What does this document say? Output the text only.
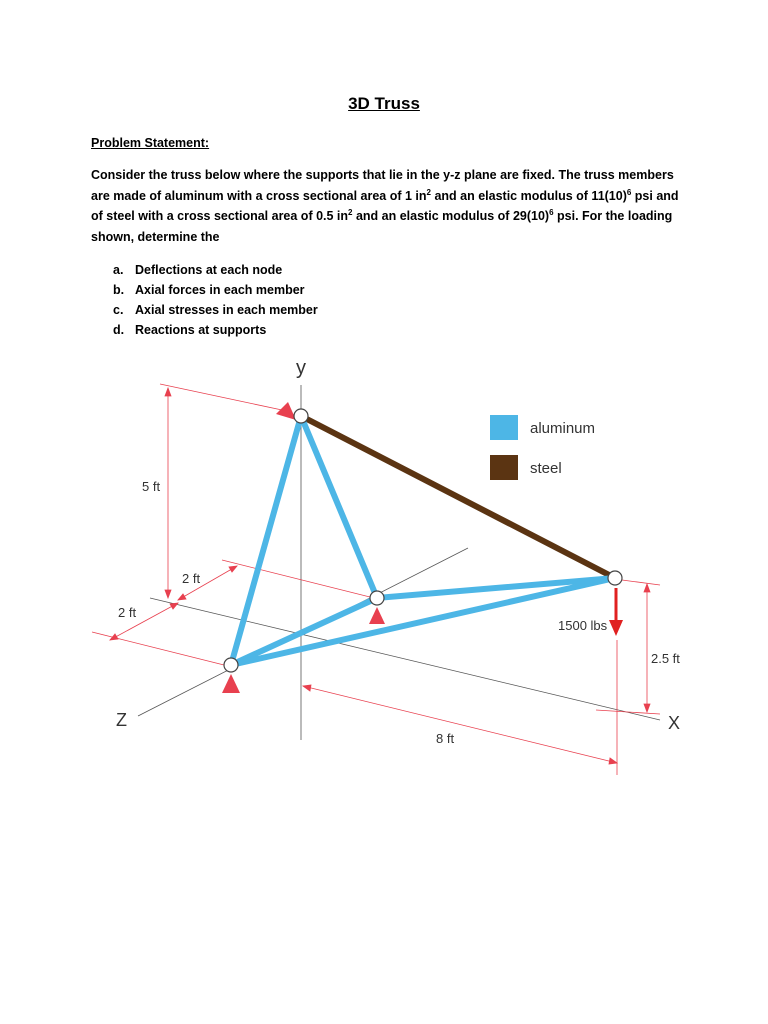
3D Truss
Problem Statement:
Consider the truss below where the supports that lie in the y-z plane are fixed. The truss members are made of aluminum with a cross sectional area of 1 $in^2$ and an elastic modulus of $11(10)^6$ psi and of steel with a cross sectional area of 0.5 $in^2$ and an elastic modulus of $29(10)^6$ psi. For the loading shown, determine the
a. Deflections at each node
b. Axial forces in each member
c. Axial stresses in each member
d. Reactions at supports
aluminum
steel
y
X
Z
5 ft
2 ft
2 ft
8 ft
2.5 ft
1500 lbs
